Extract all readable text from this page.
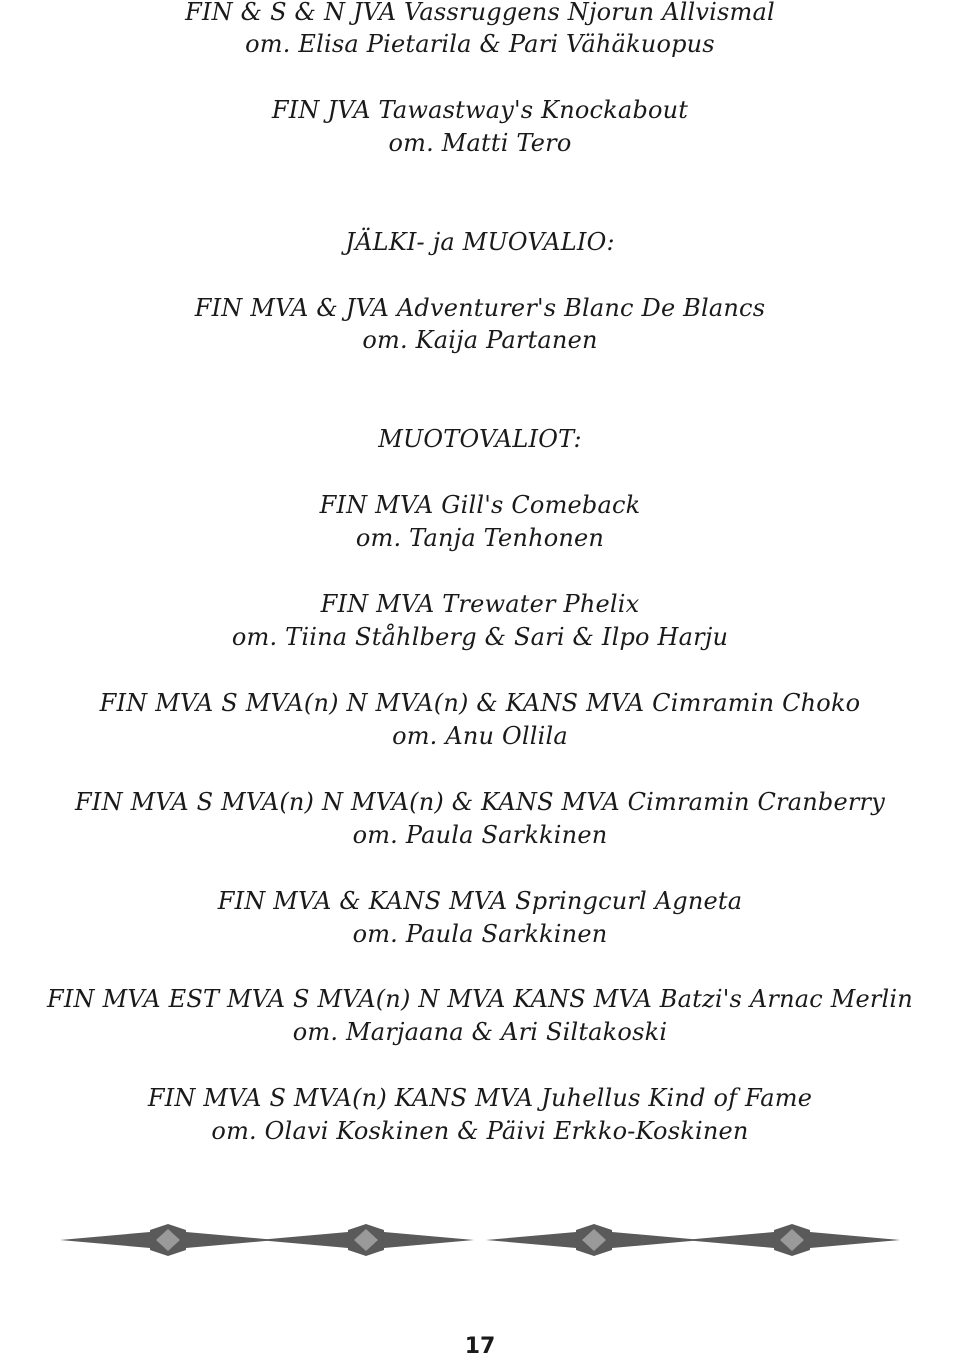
FIN & S & N JVA Vassruggens Njorun Allvismal
om. Elisa Pietarila & Pari Vähäkuopus
FIN JVA Tawastway's Knockabout
om. Matti Tero
JÄLKI- ja MUOVALIO:
FIN MVA & JVA Adventurer's Blanc De Blancs
om. Kaija Partanen
MUOTOVALIOT:
FIN MVA Gill's Comeback
om. Tanja Tenhonen
FIN MVA Trewater Phelix
om. Tiina Ståhlberg & Sari & Ilpo Harju
FIN MVA S MVA(n) N MVA(n) & KANS MVA Cimramin Choko
om. Anu Ollila
FIN MVA S MVA(n) N MVA(n) & KANS MVA Cimramin Cranberry
om. Paula Sarkkinen
FIN MVA & KANS MVA Springcurl Agneta
om. Paula Sarkkinen
FIN MVA EST MVA S MVA(n) N MVA KANS MVA Batzi's Arnac Merlin
om. Marjaana & Ari Siltakoski
FIN MVA S MVA(n) KANS MVA Juhellus Kind of Fame
om. Olavi Koskinen & Päivi Erkko-Koskinen
17
